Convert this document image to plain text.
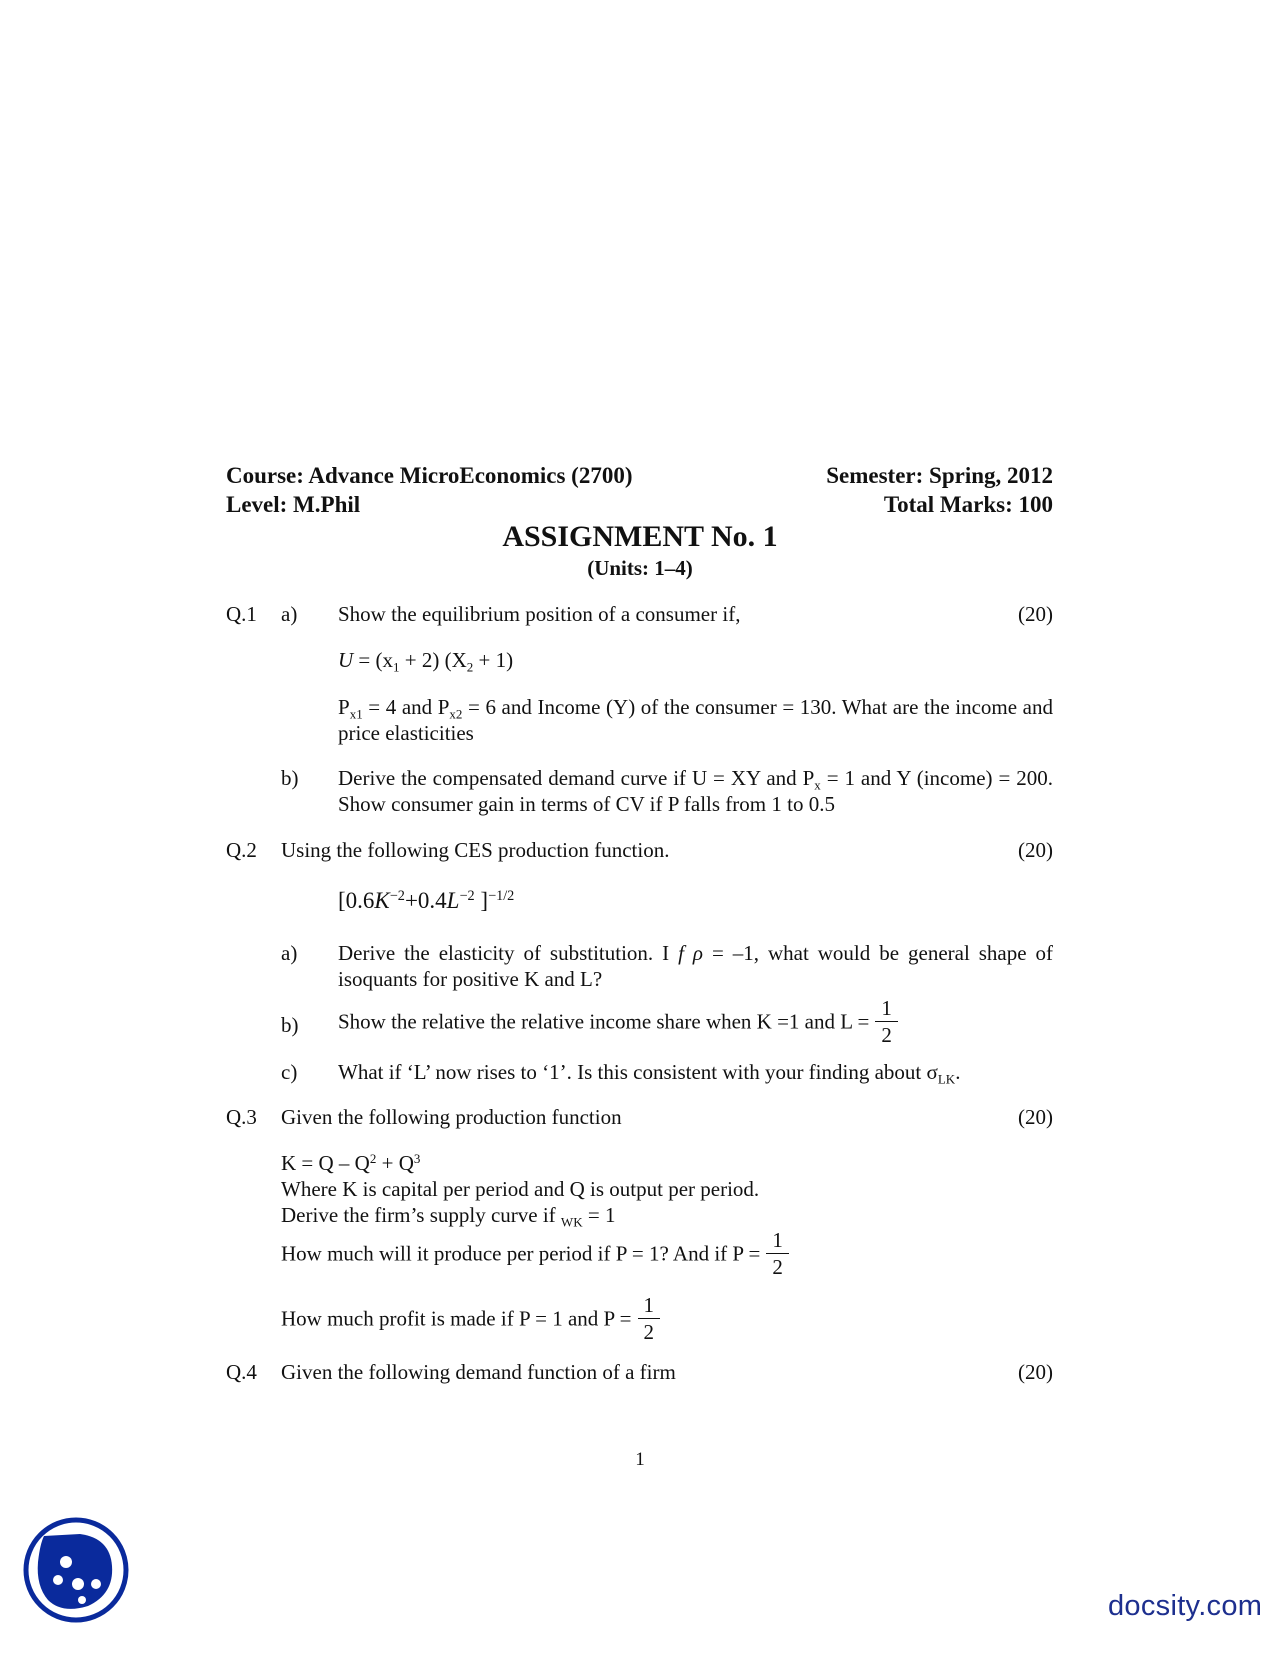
Course: Advance MicroEconomics (2700)
Level: M.Phil
Semester: Spring, 2012
Total Marks: 100
ASSIGNMENT No. 1
(Units: 1–4)
Q.1 a) Show the equilibrium position of a consumer if,	(20)
$U = (x_1 + 2) (X_2 + 1)$
$P_{x1} = 4$ and $P_{x2} = 6$ and Income (Y) of the consumer = 130. What are the income and price elasticities
b) Derive the compensated demand curve if U = XY and $P_x = 1$ and Y (income) = 200. Show consumer gain in terms of CV if P falls from 1 to 0.5
Q.2 Using the following CES production function.	(20)
[$0.6K^{-2}+0.4L^{-2}$ ]$^{-1/2}$
a) Derive the elasticity of substitution. I f ρ = –1, what would be general shape of isoquants for positive K and L?
b) Show the relative the relative income share when K =1 and $L = \frac{1}{2}$
c) What if ‘L’ now rises to ‘1’. Is this consistent with your finding about $\sigma_{LK}$.
Q.3 Given the following production function	(20)
$K = Q - Q^2 + Q^3$
Where K is capital per period and Q is output per period.
Derive the firm’s supply curve if $_{WK}$ = 1
How much will it produce per period if P = 1? And if $P = \frac{1}{2}$
How much profit is made if P = 1 and $P = \frac{1}{2}$
Q.4 Given the following demand function of a firm	(20)
1
docsity.com
